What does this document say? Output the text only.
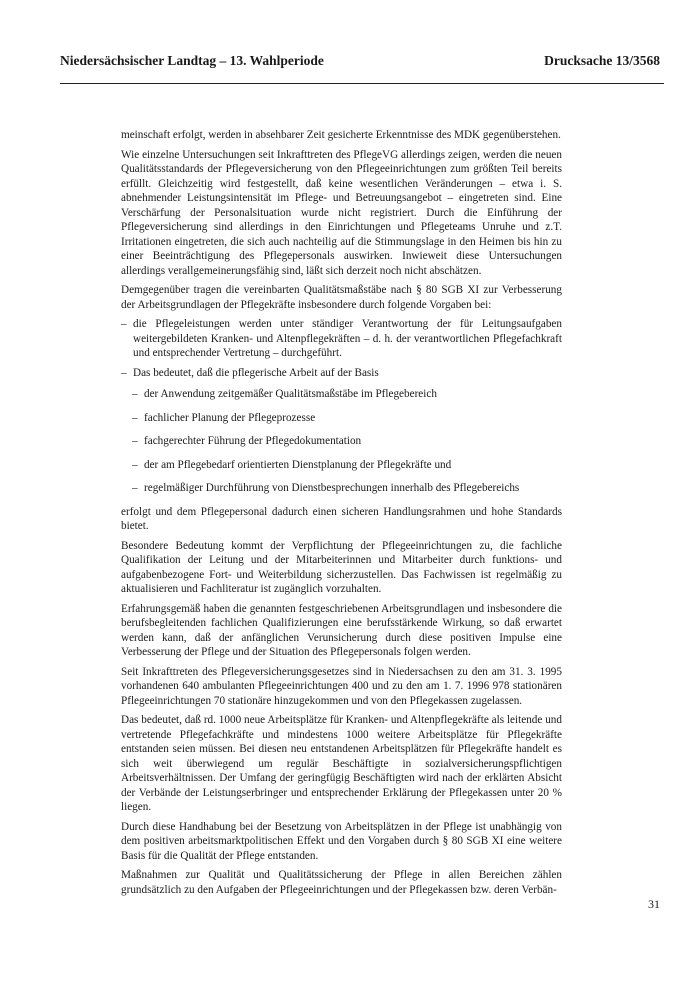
Niedersächsischer Landtag – 13. Wahlperiode	Drucksache 13/3568

meinschaft erfolgt, werden in absehbarer Zeit gesicherte Erkenntnisse des MDK gegenüberstehen.

Wie einzelne Untersuchungen seit Inkrafttreten des PflegeVG allerdings zeigen, werden die neuen Qualitätsstandards der Pflegeversicherung von den Pflegeeinrichtungen zum größten Teil bereits erfüllt. Gleichzeitig wird festgestellt, daß keine wesentlichen Veränderungen – etwa i. S. abnehmender Leistungsintensität im Pflege- und Betreuungsangebot – eingetreten sind. Eine Verschärfung der Personalsituation wurde nicht registriert. Durch die Einführung der Pflegeversicherung sind allerdings in den Einrichtungen und Pflegeteams Unruhe und z.T. Irritationen eingetreten, die sich auch nachteilig auf die Stimmungslage in den Heimen bis hin zu einer Beeinträchtigung des Pflegepersonals auswirken. Inwieweit diese Untersuchungen allerdings verallgemeinerungsfähig sind, läßt sich derzeit noch nicht abschätzen.

Demgegenüber tragen die vereinbarten Qualitätsmaßstäbe nach § 80 SGB XI zur Verbesserung der Arbeitsgrundlagen der Pflegekräfte insbesondere durch folgende Vorgaben bei:

– die Pflegeleistungen werden unter ständiger Verantwortung der für Leitungsaufgaben weitergebildeten Kranken- und Altenpflegekräften – d. h. der verantwortlichen Pflegefachkraft und entsprechender Vertretung – durchgeführt.
– Das bedeutet, daß die pflegerische Arbeit auf der Basis
– der Anwendung zeitgemäßer Qualitätsmaßstäbe im Pflegebereich
– fachlicher Planung der Pflegeprozesse
– fachgerechter Führung der Pflegedokumentation
– der am Pflegebedarf orientierten Dienstplanung der Pflegekräfte und
– regelmäßiger Durchführung von Dienstbesprechungen innerhalb des Pflegebereichs

erfolgt und dem Pflegepersonal dadurch einen sicheren Handlungsrahmen und hohe Standards bietet.

Besondere Bedeutung kommt der Verpflichtung der Pflegeeinrichtungen zu, die fachliche Qualifikation der Leitung und der Mitarbeiterinnen und Mitarbeiter durch funktions- und aufgabenbezogene Fort- und Weiterbildung sicherzustellen. Das Fachwissen ist regelmäßig zu aktualisieren und Fachliteratur ist zugänglich vorzuhalten.

Erfahrungsgemäß haben die genannten festgeschriebenen Arbeitsgrundlagen und insbesondere die berufsbegleitenden fachlichen Qualifizierungen eine berufsstärkende Wirkung, so daß erwartet werden kann, daß der anfänglichen Verunsicherung durch diese positiven Impulse eine Verbesserung der Pflege und der Situation des Pflegepersonals folgen werden.

Seit Inkrafttreten des Pflegeversicherungsgesetzes sind in Niedersachsen zu den am 31. 3. 1995 vorhandenen 640 ambulanten Pflegeeinrichtungen 400 und zu den am 1. 7. 1996 978 stationären Pflegeeinrichtungen 70 stationäre hinzugekommen und von den Pflegekassen zugelassen.

Das bedeutet, daß rd. 1000 neue Arbeitsplätze für Kranken- und Altenpflegekräfte als leitende und vertretende Pflegefachkräfte und mindestens 1000 weitere Arbeitsplätze für Pflegekräfte entstanden seien müssen. Bei diesen neu entstandenen Arbeitsplätzen für Pflegekräfte handelt es sich weit überwiegend um regulär Beschäftigte in sozialversicherungspflichtigen Arbeitsverhältnissen. Der Umfang der geringfügig Beschäftigten wird nach der erklärten Absicht der Verbände der Leistungserbringer und entsprechender Erklärung der Pflegekassen unter 20 % liegen.

Durch diese Handhabung bei der Besetzung von Arbeitsplätzen in der Pflege ist unabhängig von dem positiven arbeitsmarktpolitischen Effekt und den Vorgaben durch § 80 SGB XI eine weitere Basis für die Qualität der Pflege entstanden.

Maßnahmen zur Qualität und Qualitätssicherung der Pflege in allen Bereichen zählen grundsätzlich zu den Aufgaben der Pflegeeinrichtungen und der Pflegekassen bzw. deren Verbän-

31
